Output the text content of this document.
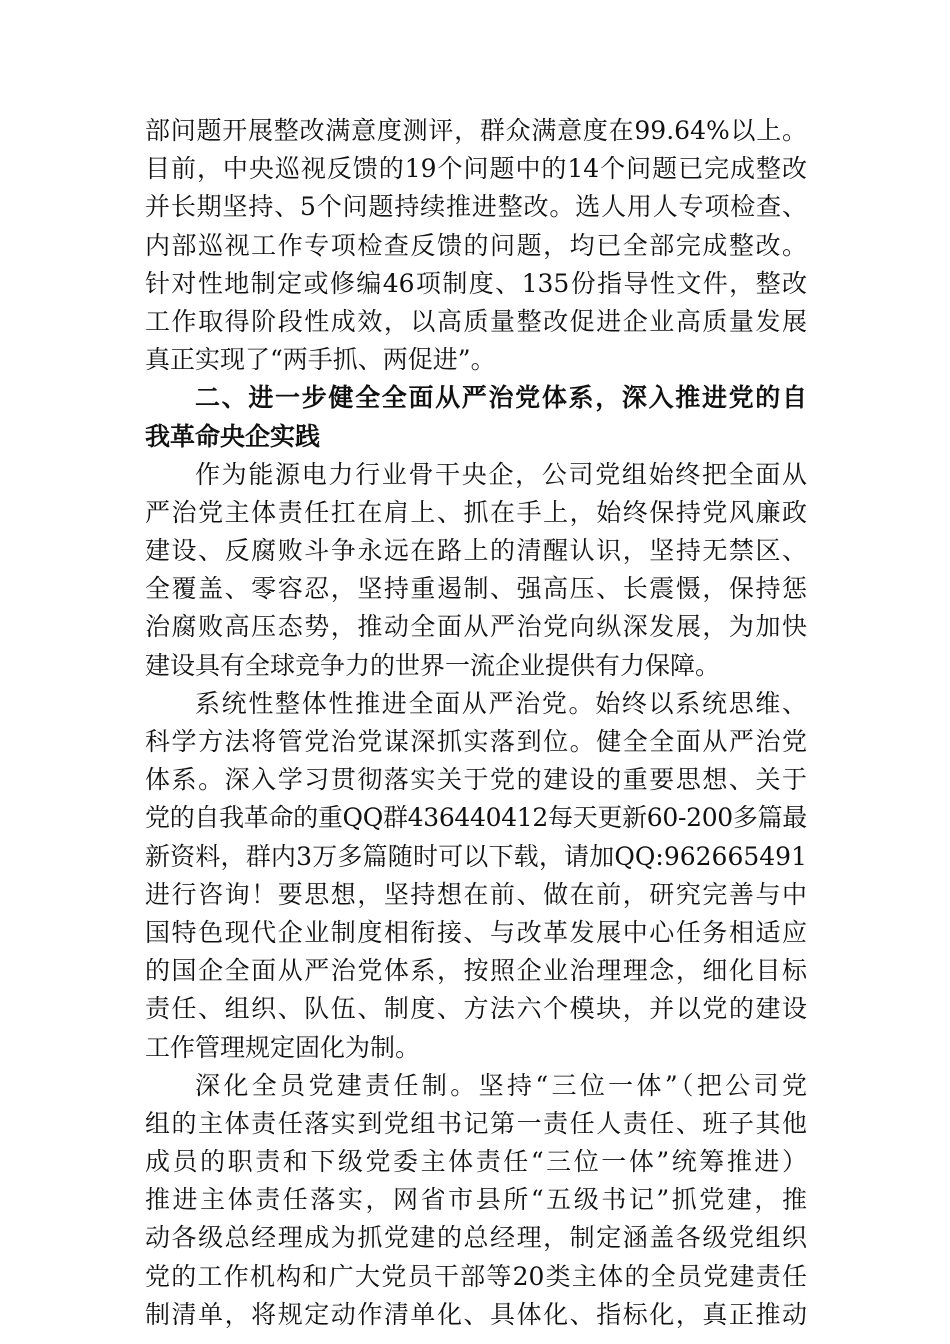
部问题开展整改满意度测评，群众满意度在99.64%以上。
目前，中央巡视反馈的19个问题中的14个问题已完成整改
并长期坚持、5个问题持续推进整改。选人用人专项检查、
内部巡视工作专项检查反馈的问题，均已全部完成整改。
针对性地制定或修编46项制度、135份指导性文件，整改
工作取得阶段性成效，以高质量整改促进企业高质量发展
真正实现了“两手抓、两促进”。
二、进一步健全全面从严治党体系，深入推进党的自
我革命央企实践
作为能源电力行业骨干央企，公司党组始终把全面从
严治党主体责任扛在肩上、抓在手上，始终保持党风廉政
建设、反腐败斗争永远在路上的清醒认识，坚持无禁区、
全覆盖、零容忍，坚持重遏制、强高压、长震慑，保持惩
治腐败高压态势，推动全面从严治党向纵深发展，为加快
建设具有全球竞争力的世界一流企业提供有力保障。
系统性整体性推进全面从严治党。始终以系统思维、
科学方法将管党治党谋深抓实落到位。健全全面从严治党
体系。深入学习贯彻落实关于党的建设的重要思想、关于
党的自我革命的重QQ群436440412每天更新60-200多篇最
新资料，群内3万多篇随时可以下载，请加QQ:962665491
进行咨询！要思想，坚持想在前、做在前，研究完善与中
国特色现代企业制度相衔接、与改革发展中心任务相适应
的国企全面从严治党体系，按照企业治理理念，细化目标
责任、组织、队伍、制度、方法六个模块，并以党的建设
工作管理规定固化为制。
深化全员党建责任制。坚持“三位一体”（把公司党
组的主体责任落实到党组书记第一责任人责任、班子其他
成员的职责和下级党委主体责任“三位一体”统筹推进）
推进主体责任落实，网省市县所“五级书记”抓党建，推
动各级总经理成为抓党建的总经理，制定涵盖各级党组织
党的工作机构和广大党员干部等20类主体的全员党建责任
制清单，将规定动作清单化、具体化、指标化，真正推动
